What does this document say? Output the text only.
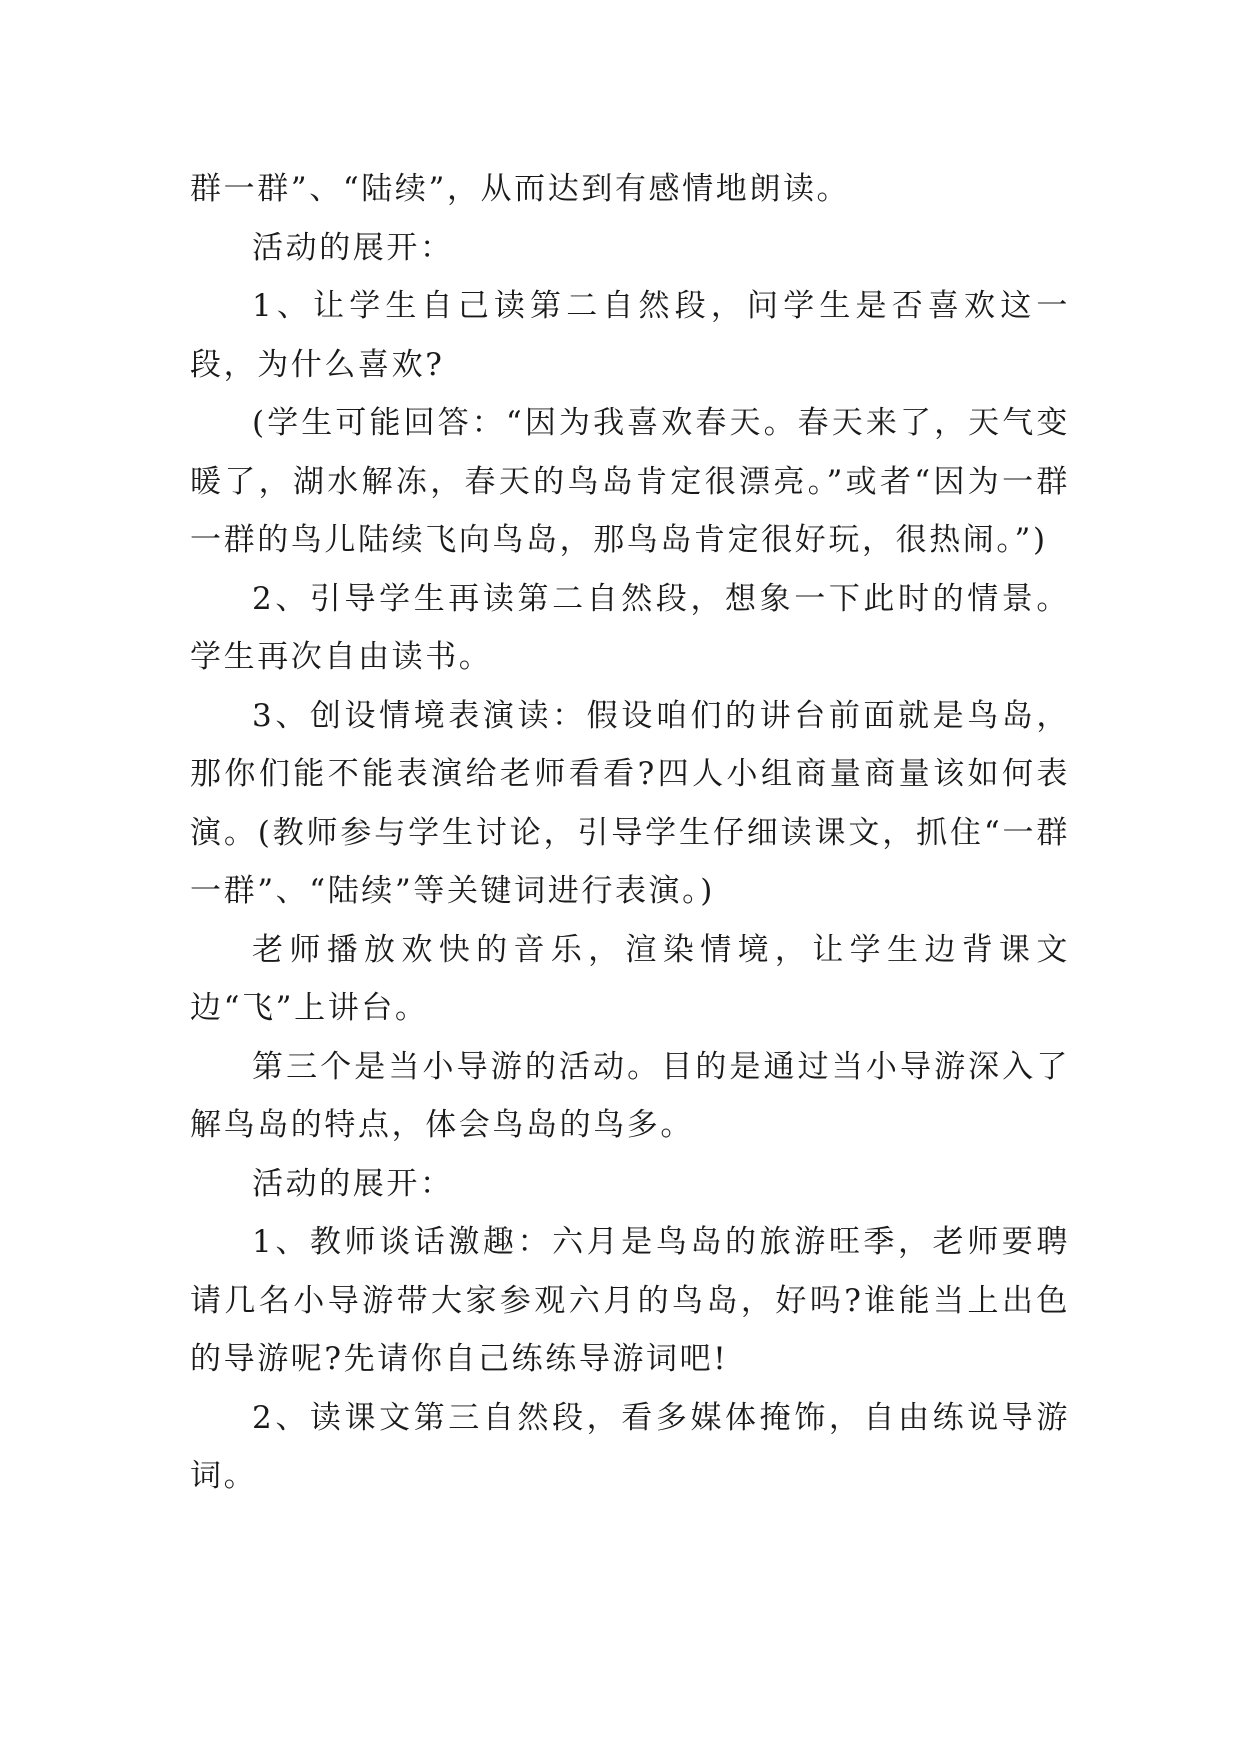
群一群”、“陆续”，从而达到有感情地朗读。

活动的展开：

1、让学生自己读第二自然段，问学生是否喜欢这一段，为什么喜欢?

(学生可能回答：“因为我喜欢春天。春天来了，天气变暖了，湖水解冻，春天的鸟岛肯定很漂亮。”或者“因为一群一群的鸟儿陆续飞向鸟岛，那鸟岛肯定很好玩，很热闹。”)

2、引导学生再读第二自然段，想象一下此时的情景。学生再次自由读书。

3、创设情境表演读：假设咱们的讲台前面就是鸟岛，那你们能不能表演给老师看看?四人小组商量商量该如何表演。(教师参与学生讨论，引导学生仔细读课文，抓住“一群一群”、“陆续”等关键词进行表演。)

老师播放欢快的音乐，渲染情境，让学生边背课文边“飞”上讲台。

第三个是当小导游的活动。目的是通过当小导游深入了解鸟岛的特点，体会鸟岛的鸟多。

活动的展开：

1、教师谈话激趣：六月是鸟岛的旅游旺季，老师要聘请几名小导游带大家参观六月的鸟岛，好吗?谁能当上出色的导游呢?先请你自己练练导游词吧!

2、读课文第三自然段，看多媒体掩饰，自由练说导游词。
